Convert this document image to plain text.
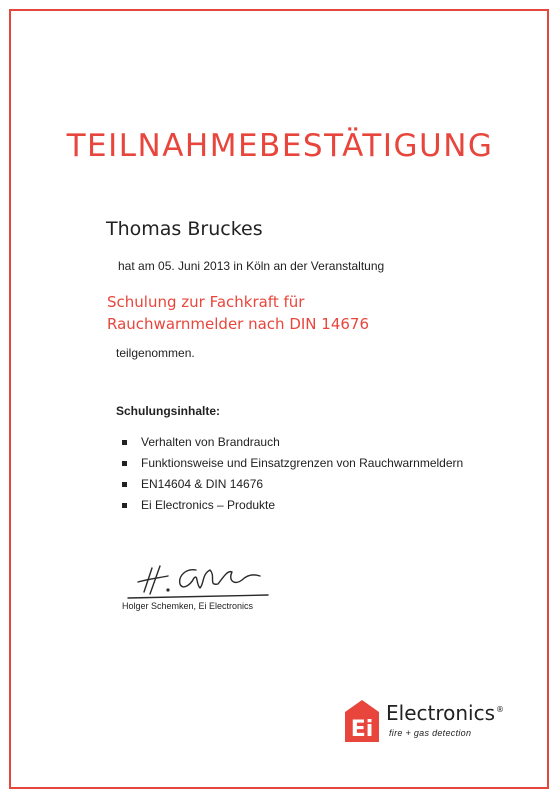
TEILNAHMEBESTÄTIGUNG
Thomas Bruckes
hat am 05. Juni 2013 in Köln an der Veranstaltung
Schulung zur Fachkraft für
Rauchwarnmelder nach DIN 14676
teilgenommen.
Schulungsinhalte:
Verhalten von Brandrauch
Funktionsweise und Einsatzgrenzen von Rauchwarnmeldern
EN14604 & DIN 14676
Ei Electronics – Produkte
Holger Schemken, Ei Electronics
Ei
Electronics®
fire + gas detection
